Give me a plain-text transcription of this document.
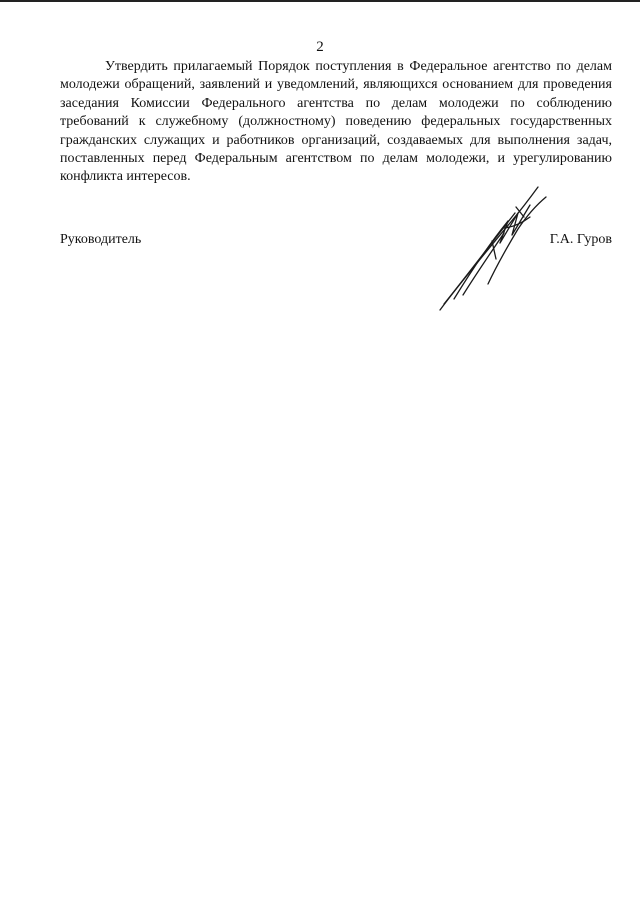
2

Утвердить прилагаемый Порядок поступления в Федеральное агентство по делам молодежи обращений, заявлений и уведомлений, являющихся основанием для проведения заседания Комиссии Федерального агентства по делам молодежи по соблюдению требований к служебному (должностному) поведению федеральных государственных гражданских служащих и работников организаций, создаваемых для выполнения задач, поставленных перед Федеральным агентством по делам молодежи, и урегулированию конфликта интересов.

Руководитель	Г.А. Гуров
